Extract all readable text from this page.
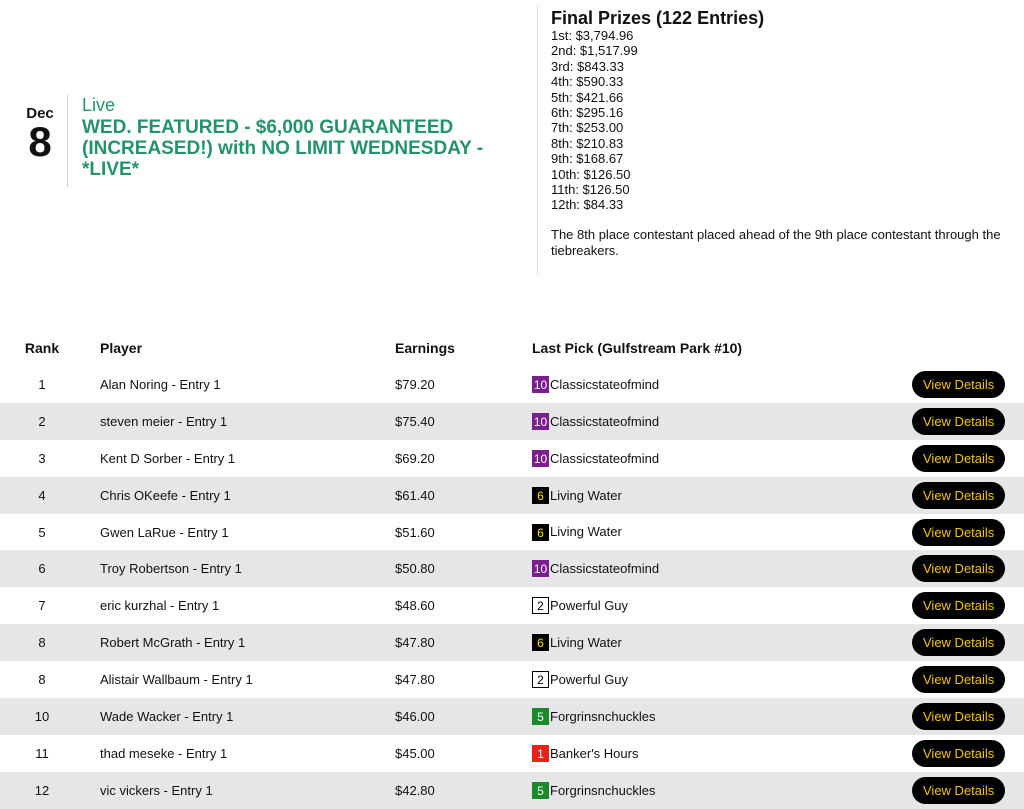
Dec
8
Live
WED. FEATURED - $6,000 GUARANTEED (INCREASED!) with NO LIMIT WEDNESDAY - *LIVE*
Final Prizes (122 Entries)
1st: $3,794.96
2nd: $1,517.99
3rd: $843.33
4th: $590.33
5th: $421.66
6th: $295.16
7th: $253.00
8th: $210.83
9th: $168.67
10th: $126.50
11th: $126.50
12th: $84.33
The 8th place contestant placed ahead of the 9th place contestant through the tiebreakers.
Rank	Player	Earnings	Last Pick (Gulfstream Park #10)	
1	Alan Noring - Entry 1	$79.20	10 Classicstateofmind	View Details
2	steven meier - Entry 1	$75.40	10 Classicstateofmind	View Details
3	Kent D Sorber - Entry 1	$69.20	10 Classicstateofmind	View Details
4	Chris OKeefe - Entry 1	$61.40	6 Living Water	View Details
5	Gwen LaRue - Entry 1	$51.60	6 Living Water	View Details
6	Troy Robertson - Entry 1	$50.80	10 Classicstateofmind	View Details
7	eric kurzhal - Entry 1	$48.60	2 Powerful Guy	View Details
8	Robert McGrath - Entry 1	$47.80	6 Living Water	View Details
8	Alistair Wallbaum - Entry 1	$47.80	2 Powerful Guy	View Details
10	Wade Wacker - Entry 1	$46.00	5 Forgrinsnchuckles	View Details
11	thad meseke - Entry 1	$45.00	1 Banker's Hours	View Details
12	vic vickers - Entry 1	$42.80	5 Forgrinsnchuckles	View Details
